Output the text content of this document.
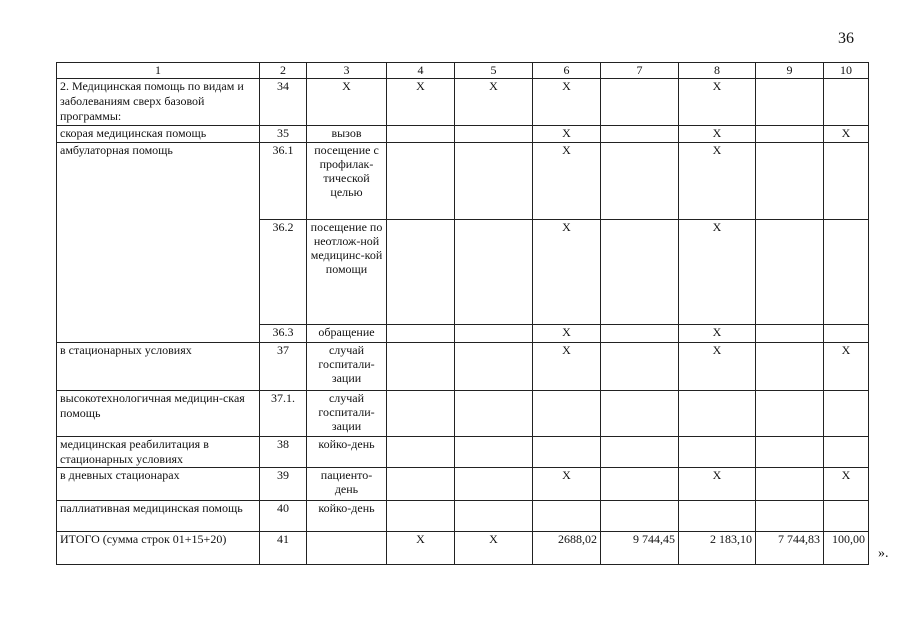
36
1	2	3	4	5	6	7	8	9	10
2. Медицинская помощь по видам и заболеваниям сверх базовой программы:	34	X	X	X	X		X		
скорая медицинская помощь	35	вызов			X		X		X
амбулаторная помощь	36.1	посещение с профилак-тической целью			X		X		
	36.2	посещение по неотлож-ной медицинс-кой помощи			X		X		
	36.3	обращение			X		X		
в стационарных условиях	37	случай госпитали-зации			X		X		X
высокотехнологичная медицин-ская помощь	37.1.	случай госпитали-зации							
медицинская реабилитация в стационарных условиях	38	койко-день							
в дневных стационарах	39	пациенто-день			X		X		X
паллиативная медицинская помощь	40	койко-день							
ИТОГО (сумма строк 01+15+20)	41		X	X	2688,02	9 744,45	2 183,10	7 744,83	100,00
».
